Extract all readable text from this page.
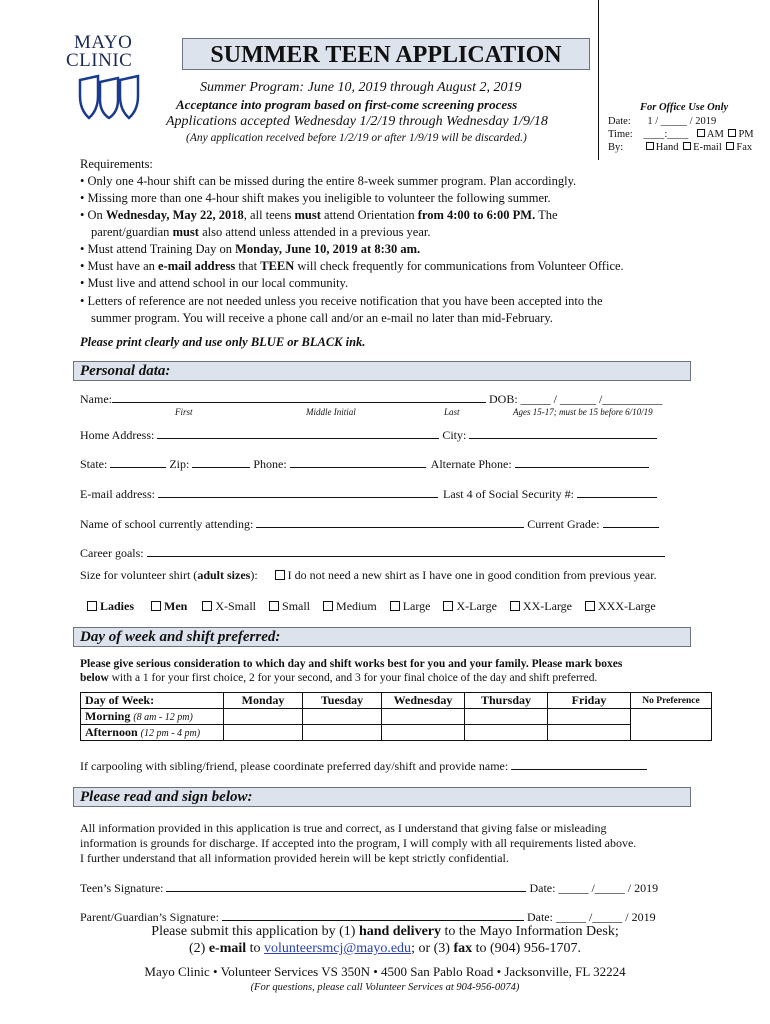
MAYO
CLINIC	SUMMER TEEN APPLICATION
Summer Program: June 10, 2019 through August 2, 2019
Acceptance into program based on first-come screening process
Applications accepted Wednesday 1/2/19 through Wednesday 1/9/18
(Any application received before 1/2/19 or after 1/9/19 will be discarded.)
For Office Use Only
Date: 1 / _____ / 2019
Time: ____:____ AM PM
By:	Hand E-mail Fax
Requirements:
• Only one 4-hour shift can be missed during the entire 8-week summer program. Plan accordingly.
• Missing more than one 4-hour shift makes you ineligible to volunteer the following summer.
• On Wednesday, May 22, 2018, all teens must attend Orientation from 4:00 to 6:00 PM. The
parent/guardian must also attend unless attended in a previous year.
• Must attend Training Day on Monday, June 10, 2019 at 8:30 am.
• Must have an e-mail address that TEEN will check frequently for communications from Volunteer Office.
• Must live and attend school in our local community.
• Letters of reference are not needed unless you receive notification that you have been accepted into the
summer program. You will receive a phone call and/or an e-mail no later than mid-February.
Please print clearly and use only BLUE or BLACK ink.
Personal data:
Name:	DOB: _____ / ______ /__________
First	Middle Initial	Last	Ages 15-17; must be 15 before 6/10/19
Home Address:	City:
State:	Zip:	Phone:	Alternate Phone:
E-mail address:	Last 4 of Social Security #:
Name of school currently attending:	Current Grade:
Career goals:
Size for volunteer shirt (adult sizes):	I do not need a new shirt as I have one in good condition from previous year.
Ladies	Men X-Small Small Medium Large X-Large XX-Large XXX-Large
Day of week and shift preferred:
Please give serious consideration to which day and shift works best for you and your family. Please mark boxes
below with a 1 for your first choice, 2 for your second, and 3 for your final choice of the day and shift preferred.
Day of Week:	Monday	Tuesday	Wednesday	Thursday	Friday	No Preference
Morning (8 am - 12 pm)						
Afternoon (12 pm - 4 pm)						
If carpooling with sibling/friend, please coordinate preferred day/shift and provide name:
Please read and sign below:
All information provided in this application is true and correct, as I understand that giving false or misleading
information is grounds for discharge. If accepted into the program, I will comply with all requirements listed above.
I further understand that all information provided herein will be kept strictly confidential.
Teen’s Signature:	Date: _____ /_____ / 2019
Parent/Guardian’s Signature:	Date: _____ /_____ / 2019
Please submit this application by (1) hand delivery to the Mayo Information Desk;
(2) e-mail to volunteersmcj@mayo.edu; or (3) fax to (904) 956-1707.
Mayo Clinic • Volunteer Services VS 350N • 4500 San Pablo Road • Jacksonville, FL 32224
(For questions, please call Volunteer Services at 904-956-0074)
